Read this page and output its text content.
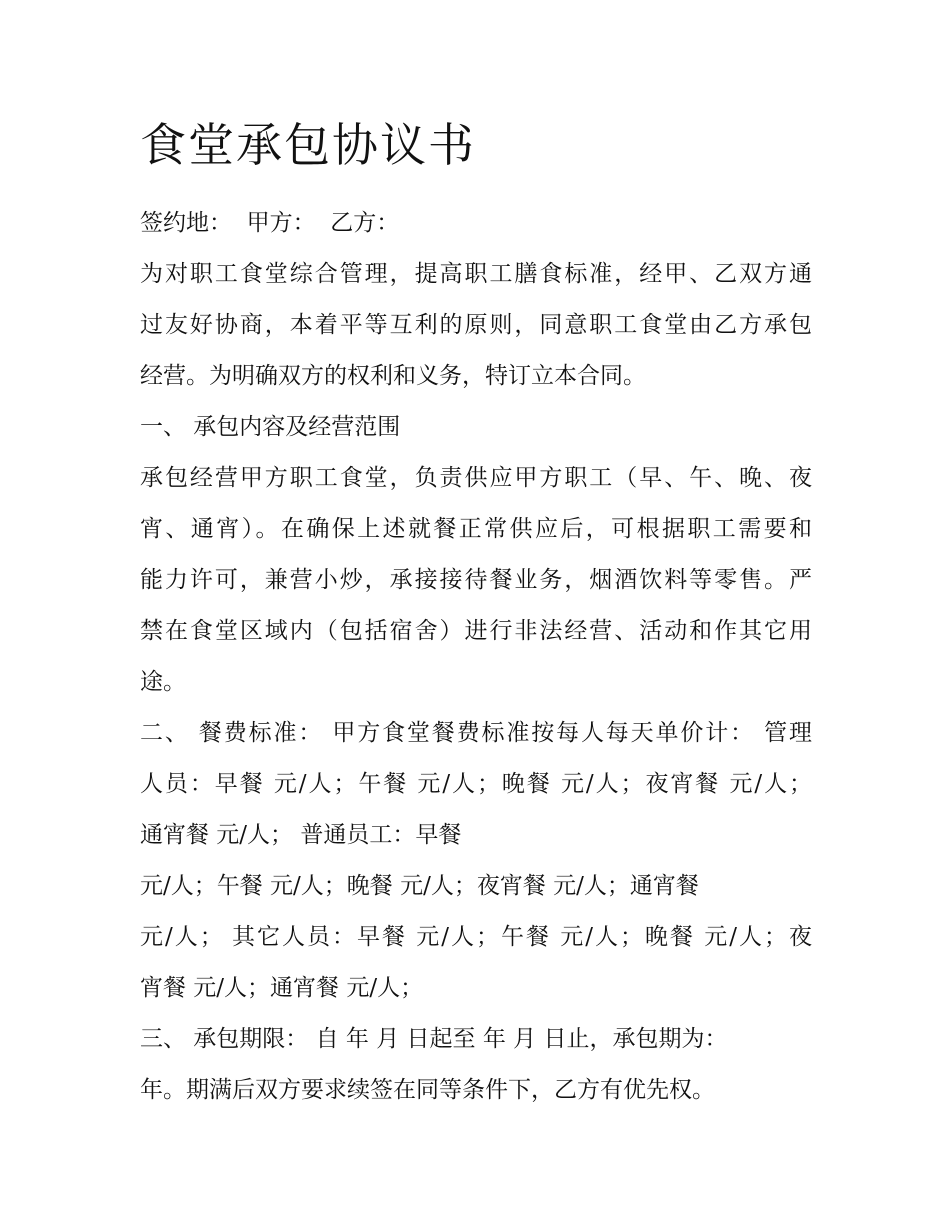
食堂承包协议书

签约地：  甲方：  乙方：

为对职工食堂综合管理，提高职工膳食标准，经甲、乙双方通
过友好协商，本着平等互利的原则，同意职工食堂由乙方承包
经营。为明确双方的权利和义务，特订立本合同。

一、 承包内容及经营范围

承包经营甲方职工食堂，负责供应甲方职工（早、午、晚、夜
宵、通宵）。在确保上述就餐正常供应后，可根据职工需要和
能力许可，兼营小炒，承接接待餐业务，烟酒饮料等零售。严
禁在食堂区域内（包括宿舍）进行非法经营、活动和作其它用
途。

二、 餐费标准： 甲方食堂餐费标准按每人每天单价计： 管理
人员：早餐 元/人；午餐 元/人；晚餐 元/人；夜宵餐 元/人；
通宵餐 元/人； 普通员工：早餐
元/人；午餐 元/人；晚餐 元/人；夜宵餐 元/人；通宵餐
元/人； 其它人员：早餐 元/人；午餐 元/人；晚餐 元/人；夜
宵餐 元/人；通宵餐 元/人；

三、 承包期限： 自 年 月 日起至 年 月 日止，承包期为：
年。期满后双方要求续签在同等条件下，乙方有优先权。
